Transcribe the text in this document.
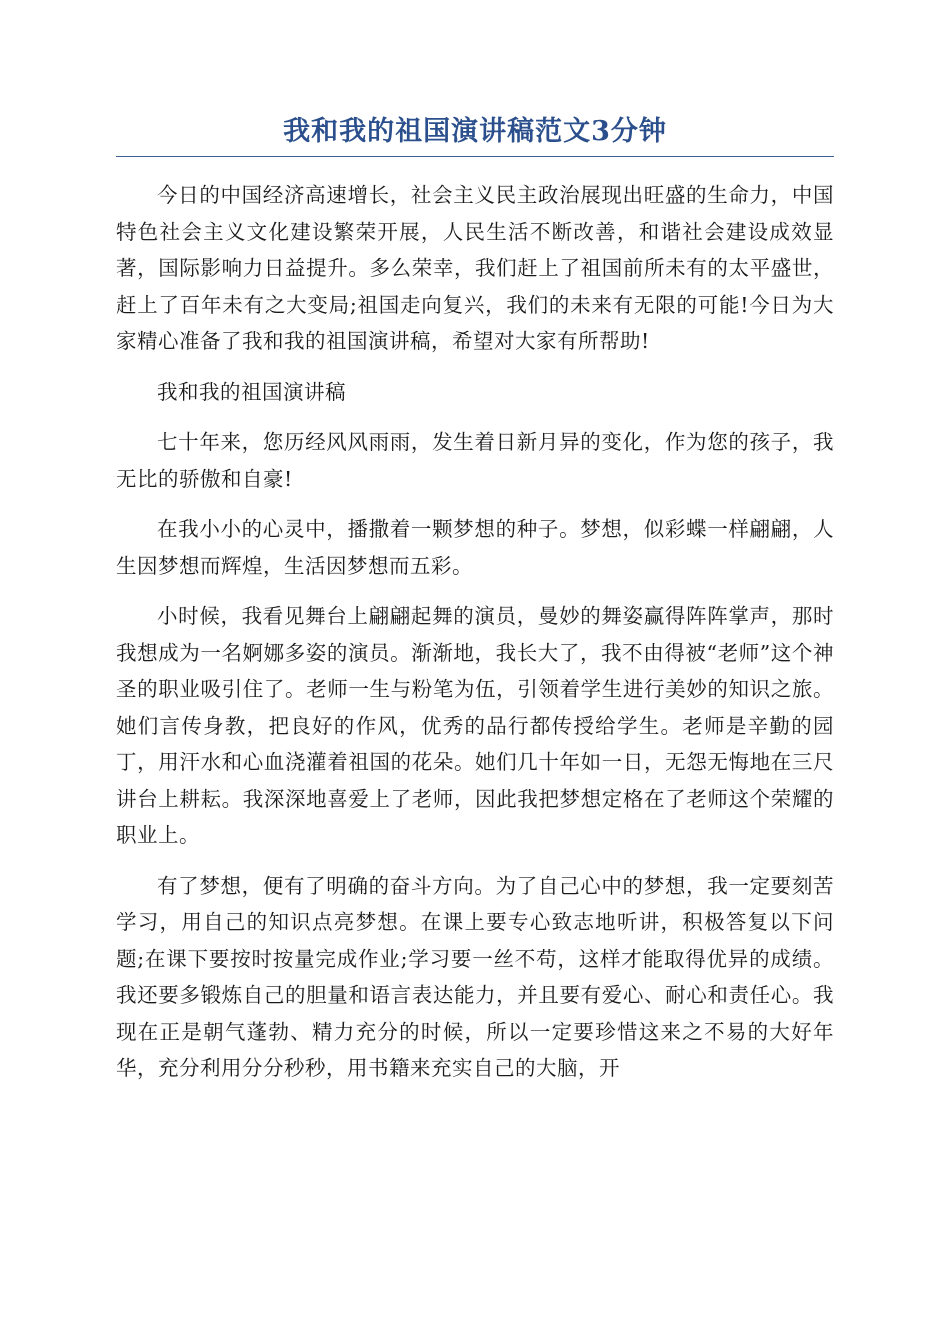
我和我的祖国演讲稿范文3分钟

今日的中国经济高速增长，社会主义民主政治展现出旺盛的生命力，中国特色社会主义文化建设繁荣开展，人民生活不断改善，和谐社会建设成效显著，国际影响力日益提升。多么荣幸，我们赶上了祖国前所未有的太平盛世，赶上了百年未有之大变局;祖国走向复兴，我们的未来有无限的可能!今日为大家精心准备了我和我的祖国演讲稿，希望对大家有所帮助!

我和我的祖国演讲稿

七十年来，您历经风风雨雨，发生着日新月异的变化，作为您的孩子，我无比的骄傲和自豪!

在我小小的心灵中，播撒着一颗梦想的种子。梦想，似彩蝶一样翩翩，人生因梦想而辉煌，生活因梦想而五彩。

小时候，我看见舞台上翩翩起舞的演员，曼妙的舞姿赢得阵阵掌声，那时我想成为一名婀娜多姿的演员。渐渐地，我长大了，我不由得被“老师”这个神圣的职业吸引住了。老师一生与粉笔为伍，引领着学生进行美妙的知识之旅。她们言传身教，把良好的作风，优秀的品行都传授给学生。老师是辛勤的园丁，用汗水和心血浇灌着祖国的花朵。她们几十年如一日，无怨无悔地在三尺讲台上耕耘。我深深地喜爱上了老师，因此我把梦想定格在了老师这个荣耀的职业上。

有了梦想，便有了明确的奋斗方向。为了自己心中的梦想，我一定要刻苦学习，用自己的知识点亮梦想。在课上要专心致志地听讲，积极答复以下问题;在课下要按时按量完成作业;学习要一丝不苟，这样才能取得优异的成绩。我还要多锻炼自己的胆量和语言表达能力，并且要有爱心、耐心和责任心。我现在正是朝气蓬勃、精力充分的时候，所以一定要珍惜这来之不易的大好年华，充分利用分分秒秒，用书籍来充实自己的大脑，开
